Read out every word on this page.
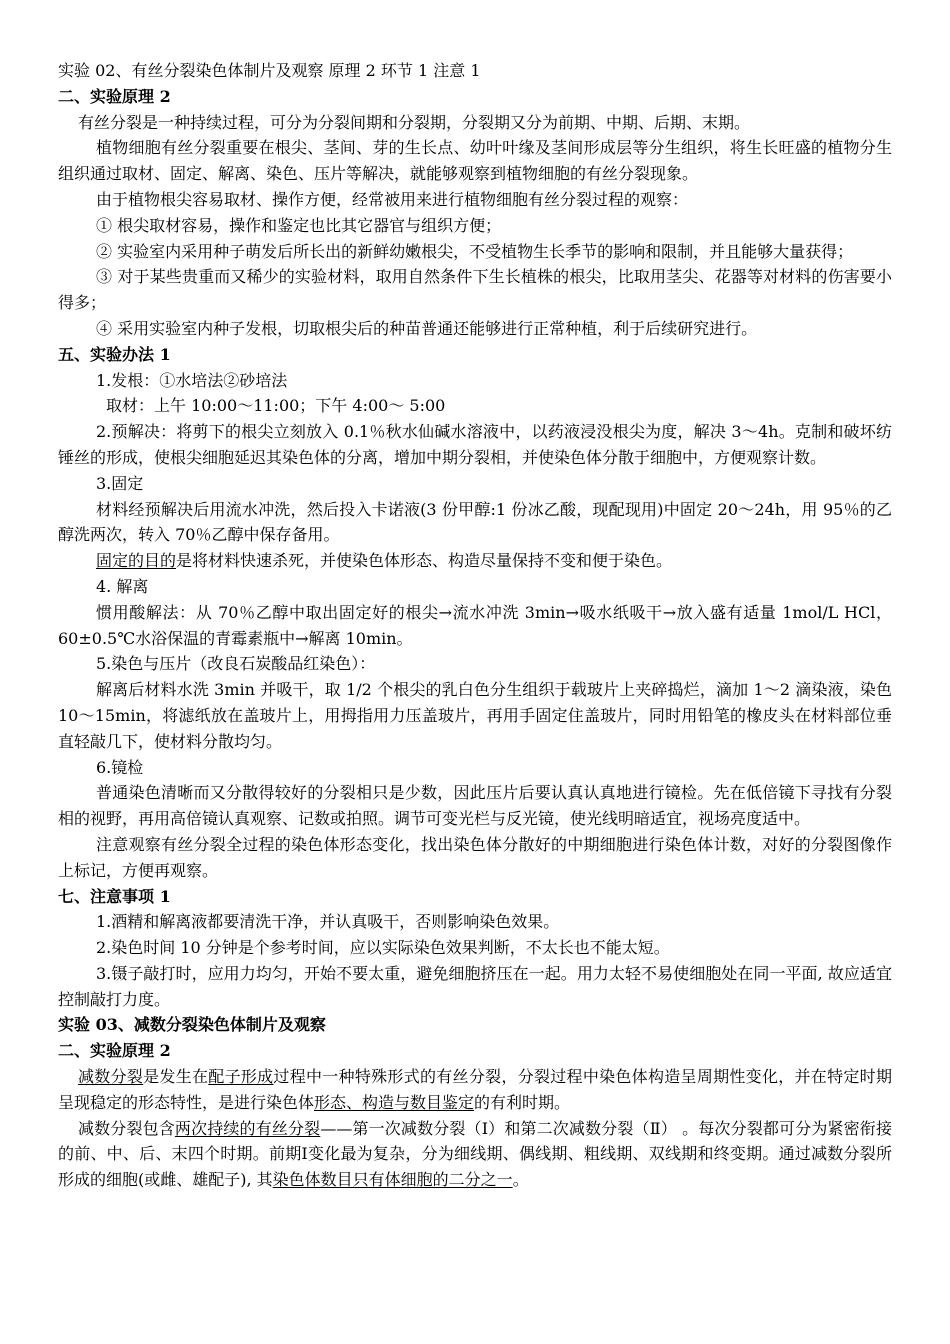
实验 02、有丝分裂染色体制片及观察 原理 2 环节 1 注意 1
二、实验原理 2
有丝分裂是一种持续过程，可分为分裂间期和分裂期，分裂期又分为前期、中期、后期、末期。
植物细胞有丝分裂重要在根尖、茎间、芽的生长点、幼叶叶缘及茎间形成层等分生组织，将生长旺盛的植物分生组织通过取材、固定、解离、染色、压片等解决，就能够观察到植物细胞的有丝分裂现象。
由于植物根尖容易取材、操作方便，经常被用来进行植物细胞有丝分裂过程的观察：
① 根尖取材容易，操作和鉴定也比其它器官与组织方便；
② 实验室内采用种子萌发后所长出的新鲜幼嫩根尖，不受植物生长季节的影响和限制，并且能够大量获得；
③ 对于某些贵重而又稀少的实验材料，取用自然条件下生长植株的根尖，比取用茎尖、花器等对材料的伤害要小得多；
④ 采用实验室内种子发根，切取根尖后的种苗普通还能够进行正常种植，利于后续研究进行。
五、实验办法 1
1.发根：①水培法②砂培法
取材：上午 10:00～11:00；下午 4:00～ 5:00
2.预解决：将剪下的根尖立刻放入 0.1％秋水仙碱水溶液中，以药液浸没根尖为度，解决 3～4h。克制和破坏纺锤丝的形成，使根尖细胞延迟其染色体的分离，增加中期分裂相，并使染色体分散于细胞中，方便观察计数。
3.固定
材料经预解决后用流水冲洗，然后投入卡诺液(3 份甲醇:1 份冰乙酸，现配现用)中固定 20～24h，用 95％的乙醇洗两次，转入 70％乙醇中保存备用。
固定的目的是将材料快速杀死，并使染色体形态、构造尽量保持不变和便于染色。
4. 解离
惯用酸解法：从 70％乙醇中取出固定好的根尖→流水冲洗 3min→吸水纸吸干→放入盛有适量 1mol/L HCl，60±0.5℃水浴保温的青霉素瓶中→解离 10min。
5.染色与压片（改良石炭酸品红染色）：
解离后材料水洗 3min 并吸干，取 1/2 个根尖的乳白色分生组织于载玻片上夹碎捣烂，滴加 1～2 滴染液，染色 10～15min，将滤纸放在盖玻片上，用拇指用力压盖玻片，再用手固定住盖玻片，同时用铅笔的橡皮头在材料部位垂直轻敲几下，使材料分散均匀。
6.镜检
普通染色清晰而又分散得较好的分裂相只是少数，因此压片后要认真认真地进行镜检。先在低倍镜下寻找有分裂相的视野，再用高倍镜认真观察、记数或拍照。调节可变光栏与反光镜，使光线明暗适宜，视场亮度适中。
注意观察有丝分裂全过程的染色体形态变化，找出染色体分散好的中期细胞进行染色体计数，对好的分裂图像作上标记，方便再观察。
七、注意事项 1
1.酒精和解离液都要清洗干净，并认真吸干，否则影响染色效果。
2.染色时间 10 分钟是个参考时间，应以实际染色效果判断，不太长也不能太短。
3.镊子敲打时，应用力均匀，开始不要太重，避免细胞挤压在一起。用力太轻不易使细胞处在同一平面, 故应适宜控制敲打力度。
实验 03、减数分裂染色体制片及观察
二、实验原理 2
减数分裂是发生在配子形成过程中一种特殊形式的有丝分裂，分裂过程中染色体构造呈周期性变化，并在特定时期呈现稳定的形态特性，是进行染色体形态、构造与数目鉴定的有利时期。
减数分裂包含两次持续的有丝分裂——第一次减数分裂（Ⅰ）和第二次减数分裂（Ⅱ） 。每次分裂都可分为紧密衔接的前、中、后、末四个时期。前期Ⅰ变化最为复杂，分为细线期、偶线期、粗线期、双线期和终变期。通过减数分裂所形成的细胞(或雌、雄配子), 其染色体数目只有体细胞的二分之一。
